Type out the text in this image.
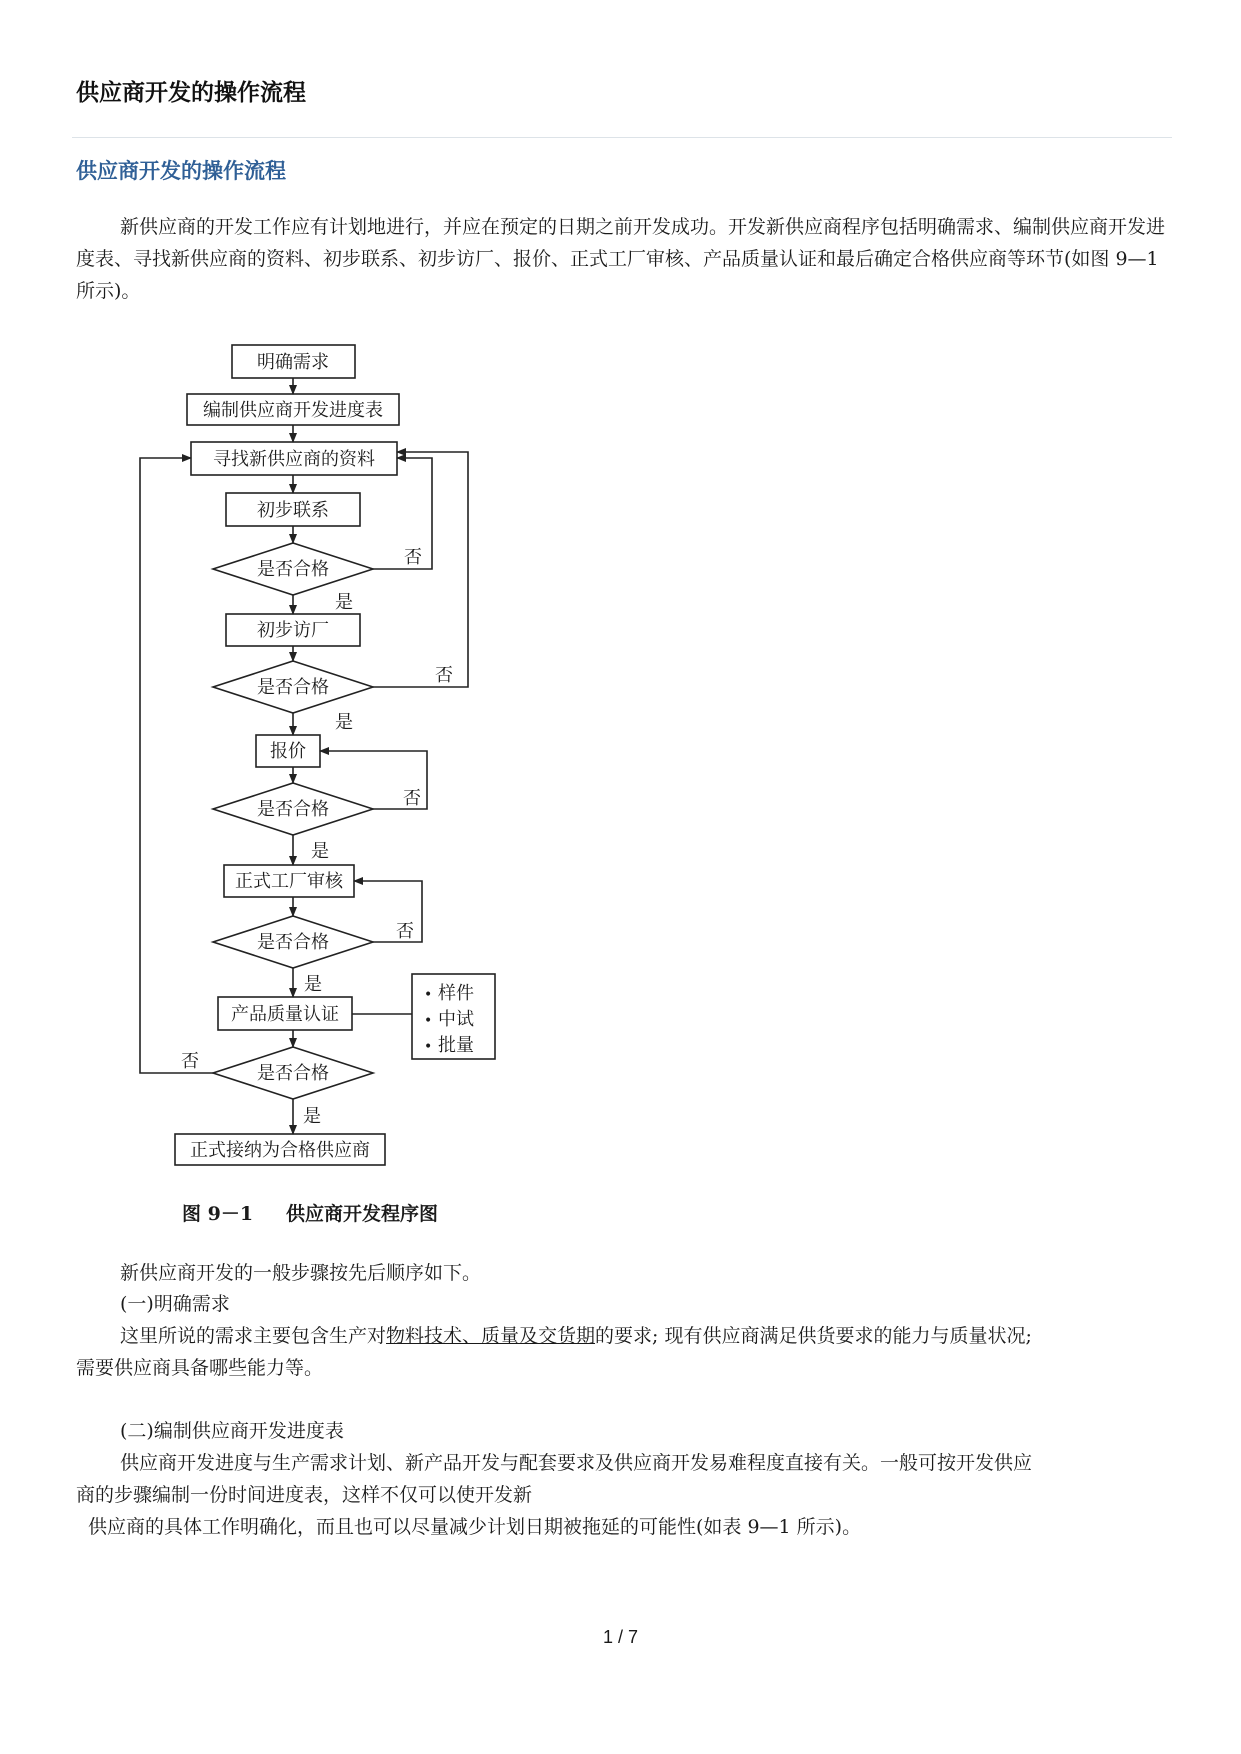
供应商开发的操作流程
供应商开发的操作流程

新供应商的开发工作应有计划地进行，并应在预定的日期之前开发成功。开发新供应商程序包括明确需求、编制供应商开发进度表、寻找新供应商的资料、初步联系、初步访厂、报价、正式工厂审核、产品质量认证和最后确定合格供应商等环节(如图 9—1 所示)。

明确需求
编制供应商开发进度表
寻找新供应商的资料
初步联系
初步访厂
报价
正式工厂审核
产品质量认证
正式接纳为合格供应商
是否合格
是否合格
是否合格
是否合格
是否合格
是
是
是
是
是
否
否
否
否
否
• 样件
• 中试
• 批量
图 9－1 供应商开发程序图
新供应商开发的一般步骤按先后顺序如下。
(一)明确需求
这里所说的需求主要包含生产对物料技术、质量及交货期的要求; 现有供应商满足供货要求的能力与质量状况;
需要供应商具备哪些能力等。
(二)编制供应商开发进度表
供应商开发进度与生产需求计划、新产品开发与配套要求及供应商开发易难程度直接有关。一般可按开发供应
商的步骤编制一份时间进度表，这样不仅可以使开发新
供应商的具体工作明确化，而且也可以尽量减少计划日期被拖延的可能性(如表 9—1 所示)。
1 / 7
